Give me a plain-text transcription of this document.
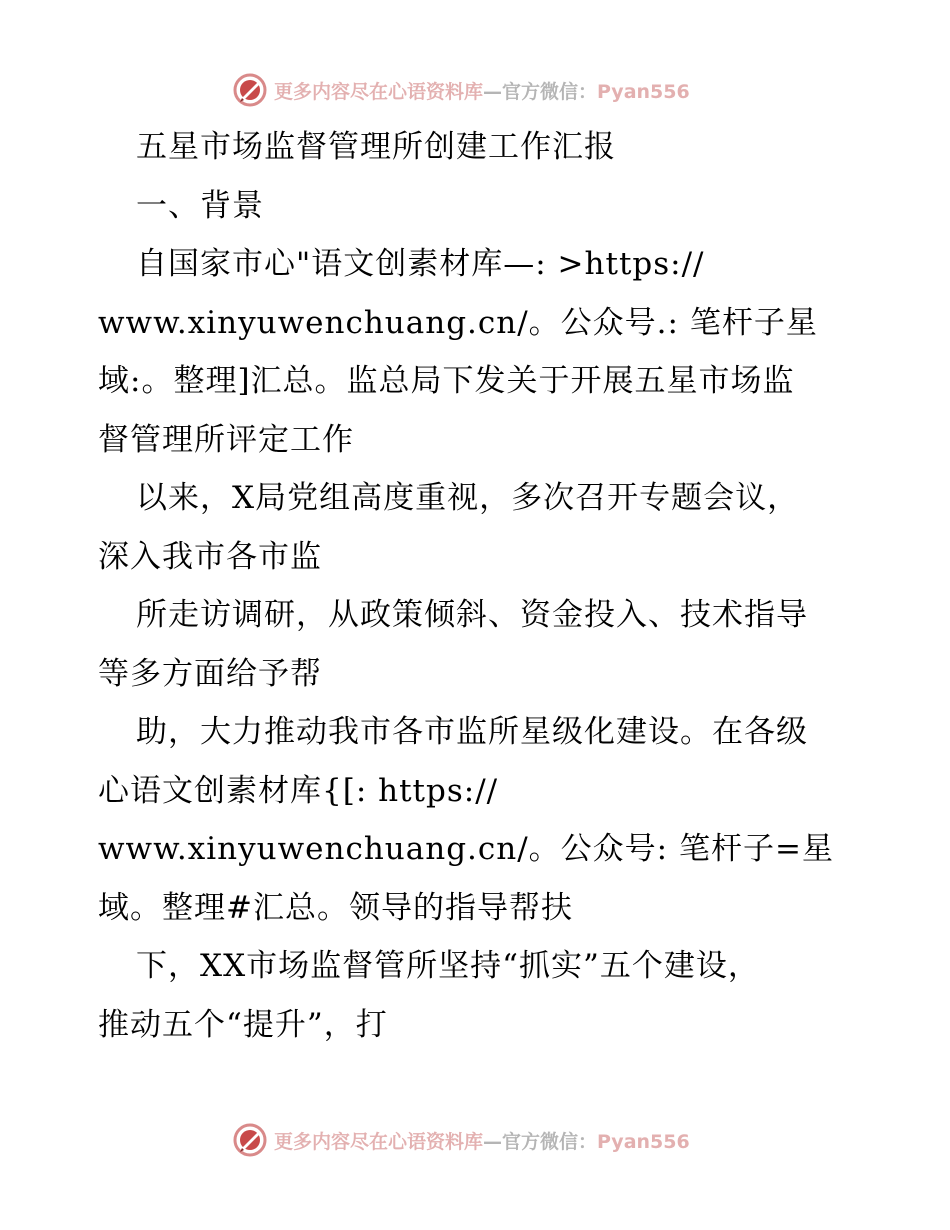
更多内容尽在心语资料库—官方微信：Pyan556
五星市场监督管理所创建工作汇报
一、背景
自国家市心"语文创素材库—: >https://
www.xinyuwenchuang.cn/。公众号.: 笔杆子星
域:。整理]汇总。监总局下发关于开展五星市场监
督管理所评定工作
以来，X局党组高度重视，多次召开专题会议，
深入我市各市监
所走访调研，从政策倾斜、资金投入、技术指导
等多方面给予帮
助，大力推动我市各市监所星级化建设。在各级
心语文创素材库{[: https://
www.xinyuwenchuang.cn/。公众号: 笔杆子=星
域。整理#汇总。领导的指导帮扶
下，XX市场监督管所坚持“抓实”五个建设，
推动五个“提升”，打
更多内容尽在心语资料库—官方微信：Pyan556
